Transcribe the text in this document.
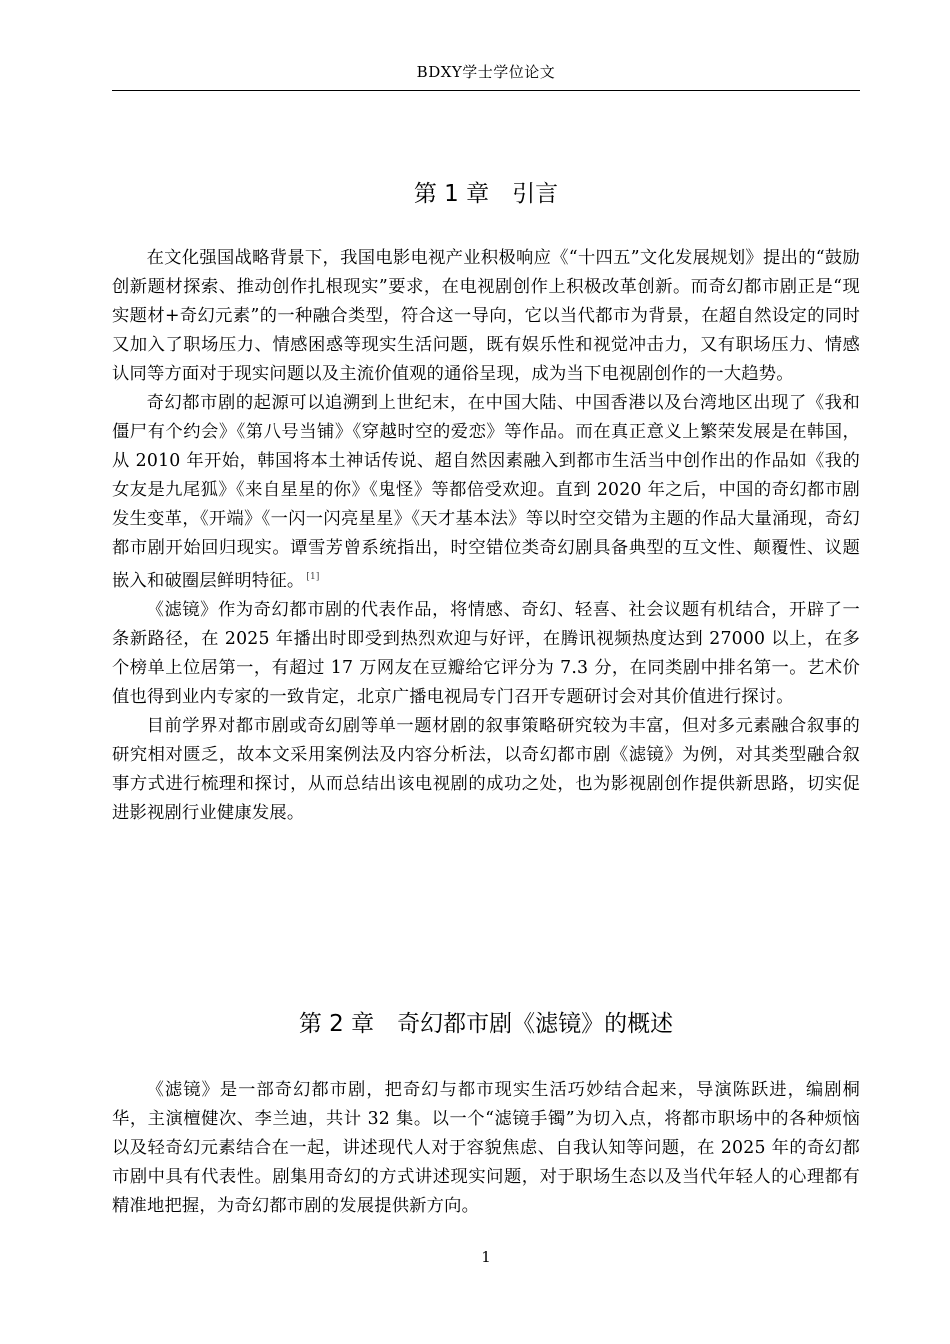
BDXY学士学位论文
第 1 章　引言

在文化强国战略背景下，我国电影电视产业积极响应《“十四五”文化发展规划》提出的“鼓励创新题材探索、推动创作扎根现实”要求，在电视剧创作上积极改革创新。而奇幻都市剧正是“现实题材+奇幻元素”的一种融合类型，符合这一导向，它以当代都市为背景，在超自然设定的同时又加入了职场压力、情感困惑等现实生活问题，既有娱乐性和视觉冲击力，又有职场压力、情感认同等方面对于现实问题以及主流价值观的通俗呈现，成为当下电视剧创作的一大趋势。

奇幻都市剧的起源可以追溯到上世纪末，在中国大陆、中国香港以及台湾地区出现了《我和僵尸有个约会》《第八号当铺》《穿越时空的爱恋》等作品。而在真正意义上繁荣发展是在韩国，从 2010 年开始，韩国将本土神话传说、超自然因素融入到都市生活当中创作出的作品如《我的女友是九尾狐》《来自星星的你》《鬼怪》等都倍受欢迎。直到 2020 年之后，中国的奇幻都市剧发生变革，《开端》《一闪一闪亮星星》《天才基本法》等以时空交错为主题的作品大量涌现，奇幻都市剧开始回归现实。谭雪芳曾系统指出，时空错位类奇幻剧具备典型的互文性、颠覆性、议题嵌入和破圈层鲜明特征。 [1]

《滤镜》作为奇幻都市剧的代表作品，将情感、奇幻、轻喜、社会议题有机结合，开辟了一条新路径，在 2025 年播出时即受到热烈欢迎与好评，在腾讯视频热度达到 27000 以上，在多个榜单上位居第一，有超过 17 万网友在豆瓣给它评分为 7.3 分，在同类剧中排名第一。艺术价值也得到业内专家的一致肯定，北京广播电视局专门召开专题研讨会对其价值进行探讨。

目前学界对都市剧或奇幻剧等单一题材剧的叙事策略研究较为丰富，但对多元素融合叙事的研究相对匮乏，故本文采用案例法及内容分析法，以奇幻都市剧《滤镜》为例，对其类型融合叙事方式进行梳理和探讨，从而总结出该电视剧的成功之处，也为影视剧创作提供新思路，切实促进影视剧行业健康发展。

第 2 章　奇幻都市剧《滤镜》的概述

《滤镜》是一部奇幻都市剧，把奇幻与都市现实生活巧妙结合起来，导演陈跃进，编剧桐华，主演檀健次、李兰迪，共计 32 集。以一个“滤镜手镯”为切入点，将都市职场中的各种烦恼以及轻奇幻元素结合在一起，讲述现代人对于容貌焦虑、自我认知等问题，在 2025 年的奇幻都市剧中具有代表性。剧集用奇幻的方式讲述现实问题，对于职场生态以及当代年轻人的心理都有精准地把握，为奇幻都市剧的发展提供新方向。

1
